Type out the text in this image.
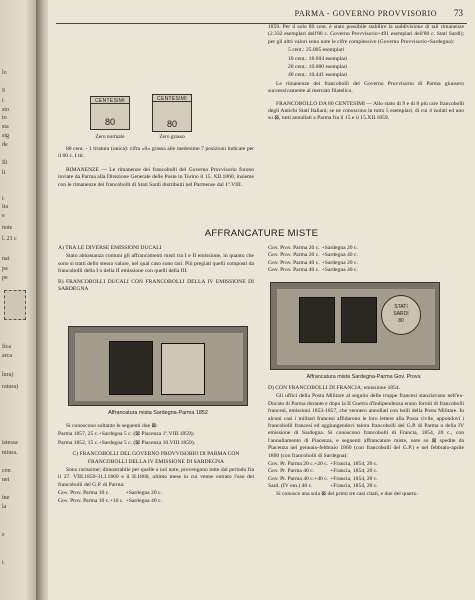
lo
9
i
sto
to
sta
sig
de
Ili
li
i
iia
e
note
l. 21 c
nat
pa
pe
fica
arca
lura)
ratura)
istessa
nitura.
con
nei
ine
la
e
i
PARMA - GOVERNO PROVVISORIO 73
CENTESIMI
80
CENTESIMI
80
Zero normale	Zero grasso

80 cent. - 1 tiratura (unica): cifra «0» grassa alle medesime 7 posizioni indicate per il 60 c. I tir.

RIMANENZE — Le rimanenze dei francobolli del Governo Provvisorio furono inviate da Parma alla Direzione Generale delle Poste in Torino il 15. XII.1860, insieme con le rimanenze dei francobolli di Stati Sardi distribuiti nel Parmense dal 1º.VIII.

1859. Per il solo 80 cent. è stato possibile stabilire la suddivisione di tali rimanenze (2.332 esemplari dell'80 c. Governo Provvisorio+491 esemplari dell'80 c. Stati Sardi); per gli altri valori sono note le cifre complessive (Governo Provvisorio+Sardegna):

5 cent.: 25.005 esemplari

10 cent.: 18.604 esemplari

20 cent.: 10.000 esemplari

40 cent.: 10.441 esemplari

Le rimanenze dei francobolli del Governo Provvisorio di Parma giunsero successivamente al mercato filatelico.

FRANCOBOLLO DA 80 CENTESIMI — Allo stato di 9 e di 8 più rare francobolli degli Antichi Stati Italiani; se ne conoscono in tutto 5 esemplari, di cui 4 isolati ed uno su ⊠, tutti annullati a Parma fra il 15 e il 15.XII.1859.

AFFRANCATURE MISTE

A) TRA LE DIVERSE EMISSIONI DUCALI

Stato abbastanza comuni gli affrancamenti misti tra I e II emissione, in quanto che sono si tratti dello stesso valore, nel qual caso sono rari. Più pregiati quelli composti da francobolli della I o della II emissione con quelli della III.

B) FRANCOBOLLI DUCALI CON FRANCOBOLLI DELLA IV EMISSIONE DI SARDEGNA

Affrancatura mista Sardegna-Parma 1852

Si conoscono soltanto le seguenti due ⊠:

Parma 1857, 25 c.+Sardegna 5 c. (⊠ Piacenza 1º.VIII.1859);

Parma 1852, 15 c.+Sardegna 5 c. (⊠ Piacenza 10.VIII.1859).

C) FRANCOBOLLI DEL GOVERNO PROVVISORIO DI PARMA CON FRANCOBOLLI DELLA IV EMISSIONE DI SARDEGNA

Sono rarissime; dimostrabile per quelle a noi note, provengono tutte dal periodo fra il 27. VIII.1859-31.I.1860 e il II.1860, ultimo mese in cui venne entrato l'uso dei francobolli del G.P. di Parma:

Gov. Prov. Parma 10 c.	+Sardegna 20 c.
Gov. Prov. Parma 10 c.+10 c.	+Sardegna 40 c.
Gov. Prov. Parma 20 c.	+Sardegna 20 c.
Gov. Prov. Parma 20 c.	+Sardegna 40 c.
Gov. Prov. Parma 40 c.	+Sardegna 20 c.
Gov. Prov. Parma 40 c.	+Sardegna 40 c.
STATI
SARDI
80
Affrancatura mista Sardegna-Parma Gov. Provv.

D) CON FRANCOBOLLI DI FRANCIA, emissione 1854.

Gli uffici della Posta Militare al seguito delle truppe francesi stanziavano nell'ex-Ducato di Parma durante e dopo la II Guerra d'Indipendenza erano forniti di francobolli francesi, emissioni 1853-1857, che vennero annullati con bolli della Posta Militare. In alcuni casi i militari francesi affidarono le loro lettere alla Posta civile, appondovi i francobolli francesi ed aggiungendovi talora francobolli del G.P. di Parma o della IV emissione di Sardegna. Si conoscono francobolli di Francia, 1854, 20 c., con l'annullamento di Piacenza, e seguenti affrancature miste, note su ⊠ spedite da Piacenza nel gennaio-febbraio 1860 (con francobolli del G.P.) e nel febbraio-aprile 1860 (con francobolli di Sardegna):

Gov. Pr. Parma 20 c.+20 c.	+Francia, 1854, 20 c.
Gov. Pr. Parma 40 c.	+Francia, 1854, 20 c.
Gov. Pr. Parma 40 c.+40 c.	+Francia, 1854, 20 c.
Sard. (IV em.) 40 c.	+Francia, 1854, 20 c.

Si conosce una sola ⊠ dei primi tre casi citati, e due del quarto.
